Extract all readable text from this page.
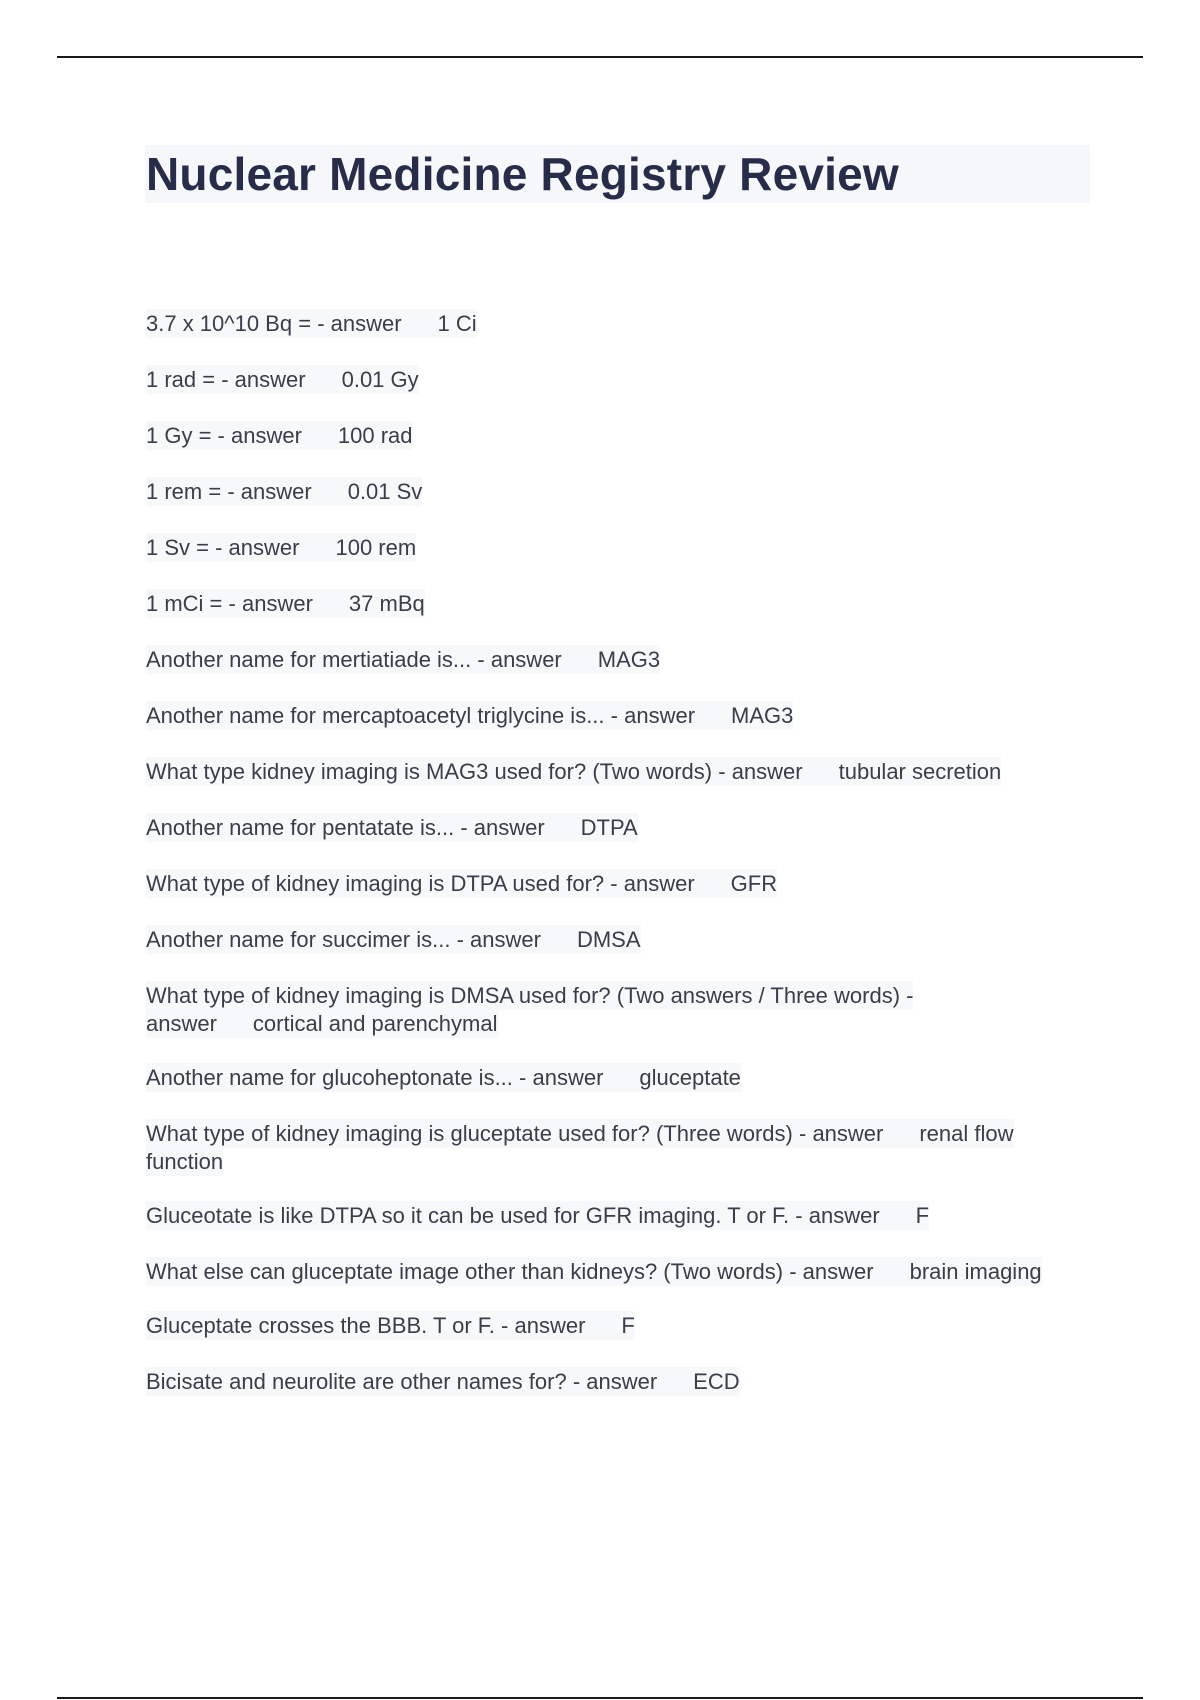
Nuclear Medicine Registry Review
3.7 x 10^10 Bq = - answer 1 Ci
1 rad = - answer 0.01 Gy
1 Gy = - answer 100 rad
1 rem = - answer 0.01 Sv
1 Sv = - answer 100 rem
1 mCi = - answer 37 mBq
Another name for mertiatiade is... - answer MAG3
Another name for mercaptoacetyl triglycine is... - answer MAG3
What type kidney imaging is MAG3 used for? (Two words) - answer tubular secretion
Another name for pentatate is... - answer DTPA
What type of kidney imaging is DTPA used for? - answer GFR
Another name for succimer is... - answer DMSA
What type of kidney imaging is DMSA used for? (Two answers / Three words) - answer cortical and parenchymal
Another name for glucoheptonate is... - answer gluceptate
What type of kidney imaging is gluceptate used for? (Three words) - answer renal flow function
Gluceotate is like DTPA so it can be used for GFR imaging. T or F. - answer F
What else can gluceptate image other than kidneys? (Two words) - answer brain imaging
Gluceptate crosses the BBB. T or F. - answer F
Bicisate and neurolite are other names for? - answer ECD
